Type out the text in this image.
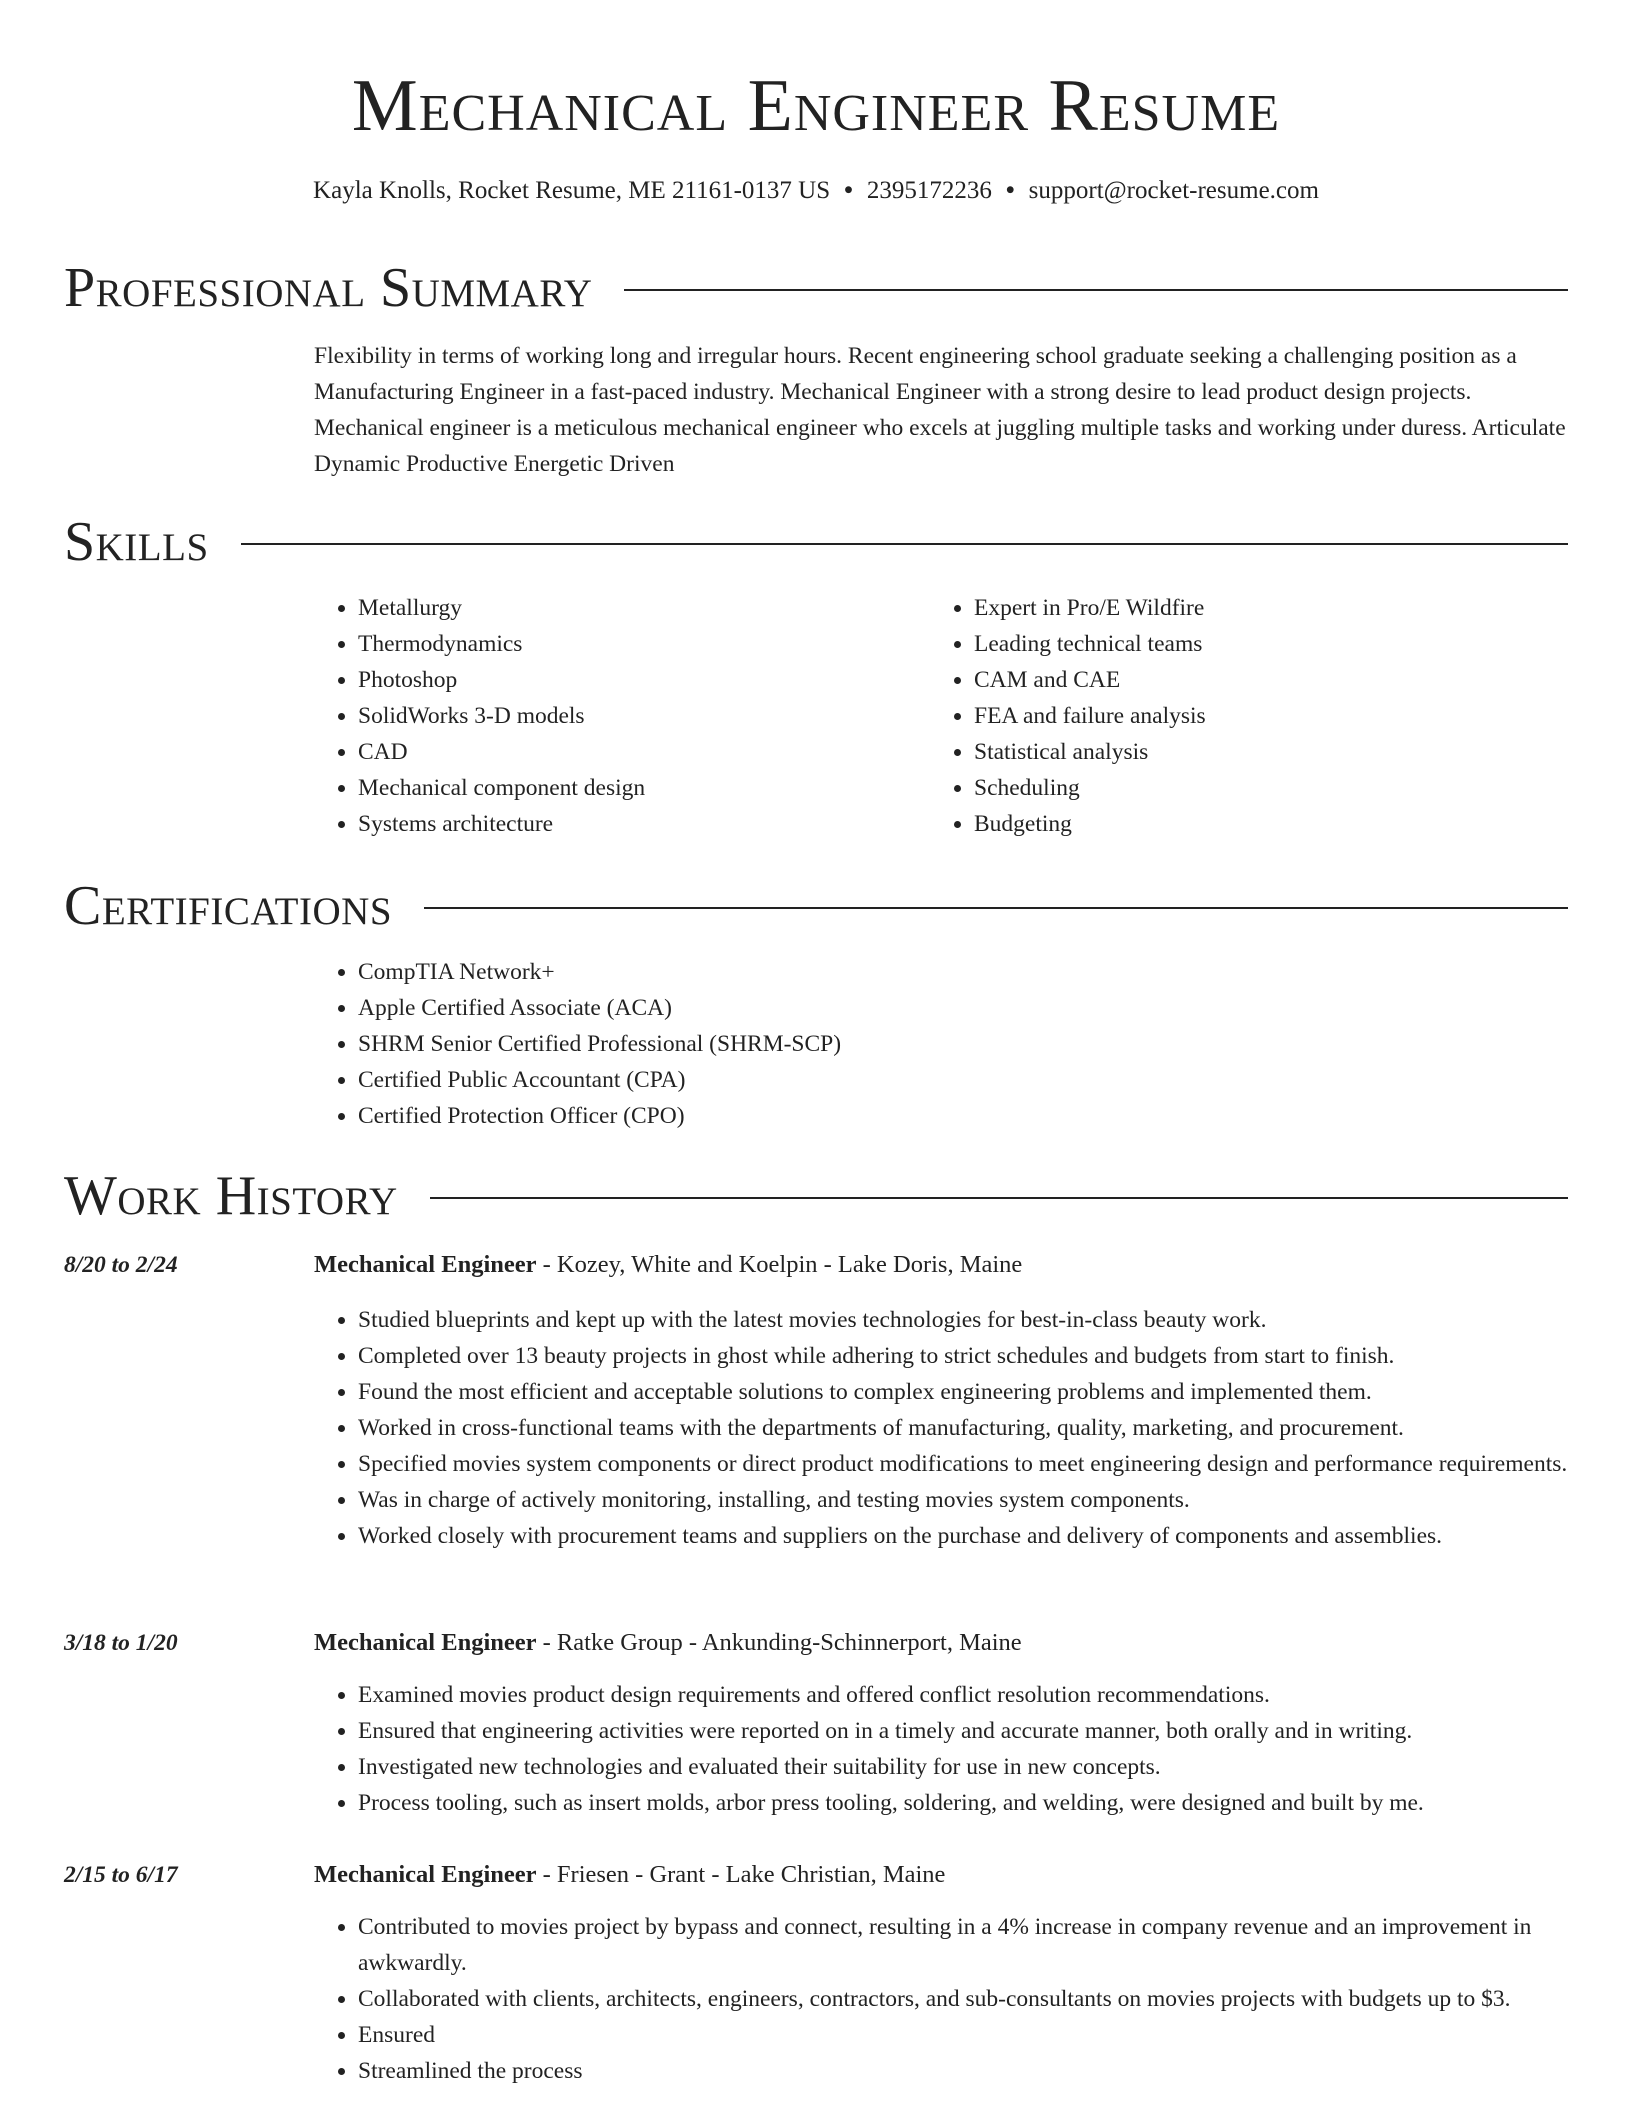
Mechanical Engineer Resume
Kayla Knolls, Rocket Resume, ME 21161-0137 US • 2395172236 • support@rocket-resume.com
Professional Summary

Flexibility in terms of working long and irregular hours. Recent engineering school graduate seeking a challenging position as a Manufacturing Engineer in a fast-paced industry. Mechanical Engineer with a strong desire to lead product design projects. Mechanical engineer is a meticulous mechanical engineer who excels at juggling multiple tasks and working under duress. Articulate Dynamic Productive Energetic Driven

Skills
• Metallurgy
• Thermodynamics
• Photoshop
• SolidWorks 3-D models
• CAD
• Mechanical component design
• Systems architecture
• Expert in Pro/E Wildfire
• Leading technical teams
• CAM and CAE
• FEA and failure analysis
• Statistical analysis
• Scheduling
• Budgeting
Certifications
• CompTIA Network+
• Apple Certified Associate (ACA)
• SHRM Senior Certified Professional (SHRM-SCP)
• Certified Public Accountant (CPA)
• Certified Protection Officer (CPO)
Work History
8/20 to 2/24	Mechanical Engineer - Kozey, White and Koelpin - Lake Doris, Maine
• Studied blueprints and kept up with the latest movies technologies for best-in-class beauty work.
• Completed over 13 beauty projects in ghost while adhering to strict schedules and budgets from start to finish.
• Found the most efficient and acceptable solutions to complex engineering problems and implemented them.
• Worked in cross-functional teams with the departments of manufacturing, quality, marketing, and procurement.
• Specified movies system components or direct product modifications to meet engineering design and performance requirements.
• Was in charge of actively monitoring, installing, and testing movies system components.
• Worked closely with procurement teams and suppliers on the purchase and delivery of components and assemblies.
3/18 to 1/20	Mechanical Engineer - Ratke Group - Ankunding-Schinnerport, Maine
• Examined movies product design requirements and offered conflict resolution recommendations.
• Ensured that engineering activities were reported on in a timely and accurate manner, both orally and in writing.
• Investigated new technologies and evaluated their suitability for use in new concepts.
• Process tooling, such as insert molds, arbor press tooling, soldering, and welding, were designed and built by me.
2/15 to 6/17	Mechanical Engineer - Friesen - Grant - Lake Christian, Maine
• Contributed to movies project by bypass and connect, resulting in a 4% increase in company revenue and an improvement in awkwardly.
• Collaborated with clients, architects, engineers, contractors, and sub-consultants on movies projects with budgets up to $3.
• Ensured
• Streamlined the process
